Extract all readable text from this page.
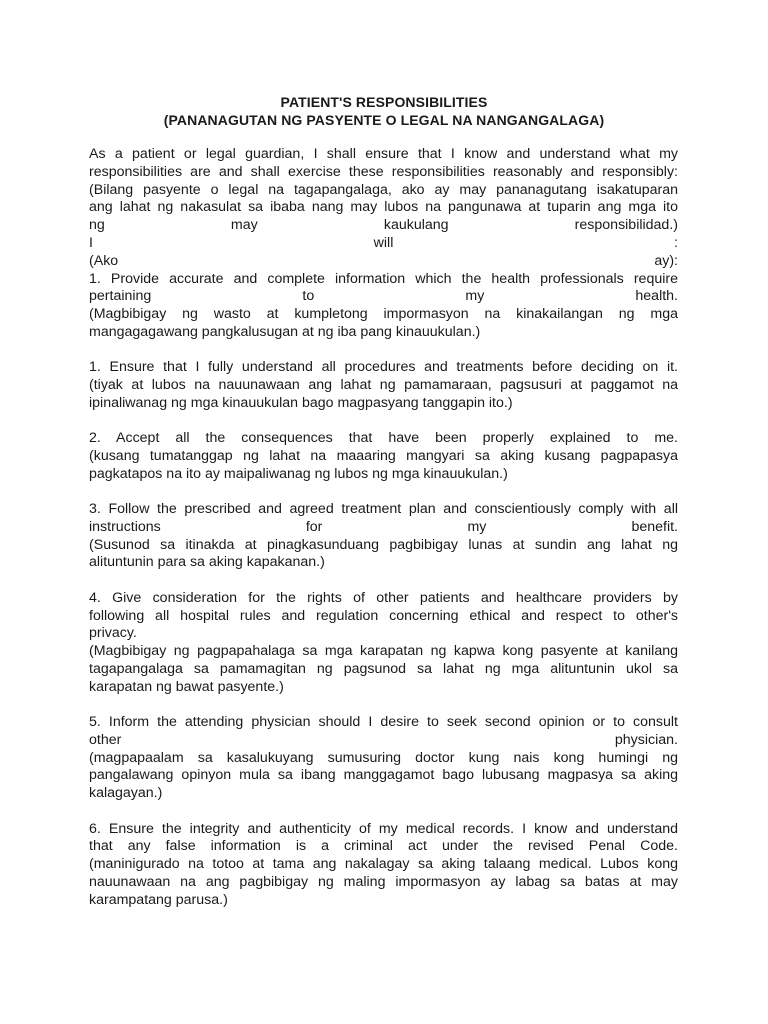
PATIENT'S RESPONSIBILITIES
(PANANAGUTAN NG PASYENTE O LEGAL NA NANGANGALAGA)
As a patient or legal guardian, I shall ensure that I know and understand what my
responsibilities are and shall exercise these responsibilities reasonably and responsibly:
(Bilang pasyente o legal na tagapangalaga, ako ay may pananagutang isakatuparan
ang lahat ng nakasulat sa ibaba nang may lubos na pangunawa at tuparin ang mga ito
ng may kaukulang responsibilidad.)
I will :
(Ako ay):
1. Provide accurate and complete information which the health professionals require
pertaining to my health.
(Magbibigay ng wasto at kumpletong impormasyon na kinakailangan ng mga
mangagagawang pangkalusugan at ng iba pang kinauukulan.)
1. Ensure that I fully understand all procedures and treatments before deciding on it.
(tiyak at lubos na nauunawaan ang lahat ng pamamaraan, pagsusuri at paggamot na
ipinaliwanag ng mga kinauukulan bago magpasyang tanggapin ito.)
2. Accept all the consequences that have been properly explained to me.
(kusang tumatanggap ng lahat na maaaring mangyari sa aking kusang pagpapasya
pagkatapos na ito ay maipaliwanag ng lubos ng mga kinauukulan.)
3. Follow the prescribed and agreed treatment plan and conscientiously comply with all
instructions for my benefit.
(Susunod sa itinakda at pinagkasunduang pagbibigay lunas at sundin ang lahat ng
alituntunin para sa aking kapakanan.)
4. Give consideration for the rights of other patients and healthcare providers by
following all hospital rules and regulation concerning ethical and respect to other's
privacy.
(Magbibigay ng pagpapahalaga sa mga karapatan ng kapwa kong pasyente at kanilang
tagapangalaga sa pamamagitan ng pagsunod sa lahat ng mga alituntunin ukol sa
karapatan ng bawat pasyente.)
5. Inform the attending physician should I desire to seek second opinion or to consult
other physician.
(magpapaalam sa kasalukuyang sumusuring doctor kung nais kong humingi ng
pangalawang opinyon mula sa ibang manggagamot bago lubusang magpasya sa aking
kalagayan.)
6. Ensure the integrity and authenticity of my medical records. I know and understand
that any false information is a criminal act under the revised Penal Code.
(maninigurado na totoo at tama ang nakalagay sa aking talaang medical. Lubos kong
nauunawaan na ang pagbibigay ng maling impormasyon ay labag sa batas at may
karampatang parusa.)
